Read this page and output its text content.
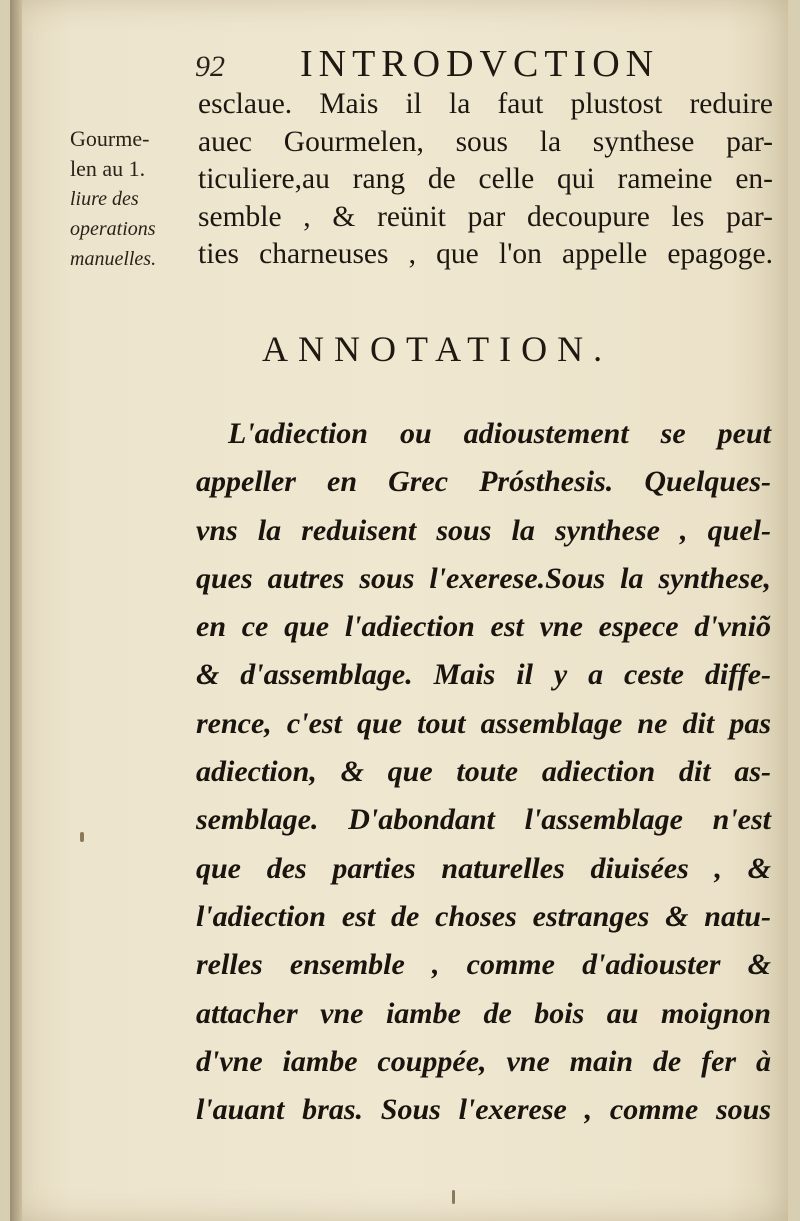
92 INTRODVCTION
esclaue. Mais il la faut plustost reduire
auec Gourmelen, sous la synthese par-
ticuliere,au rang de celle qui rameine en-
semble , & reünit par decoupure les par-
ties charneuses , que l'on appelle epagoge.
Gourme-
len au 1.
liure des
operations
manuelles.
ANNOTATION.
L'adiection ou adioustement se peut
appeller en Grec Prósthesis. Quelques-
vns la reduisent sous la synthese , quel-
ques autres sous l'exerese.Sous la synthese,
en ce que l'adiection est vne espece d'vniõ
& d'assemblage. Mais il y a ceste diffe-
rence, c'est que tout assemblage ne dit pas
adiection, & que toute adiection dit as-
semblage. D'abondant l'assemblage n'est
que des parties naturelles diuisées , &
l'adiection est de choses estranges & natu-
relles ensemble , comme d'adiouster &
attacher vne iambe de bois au moignon
d'vne iambe couppée, vne main de fer à
l'auant bras. Sous l'exerese , comme sous
